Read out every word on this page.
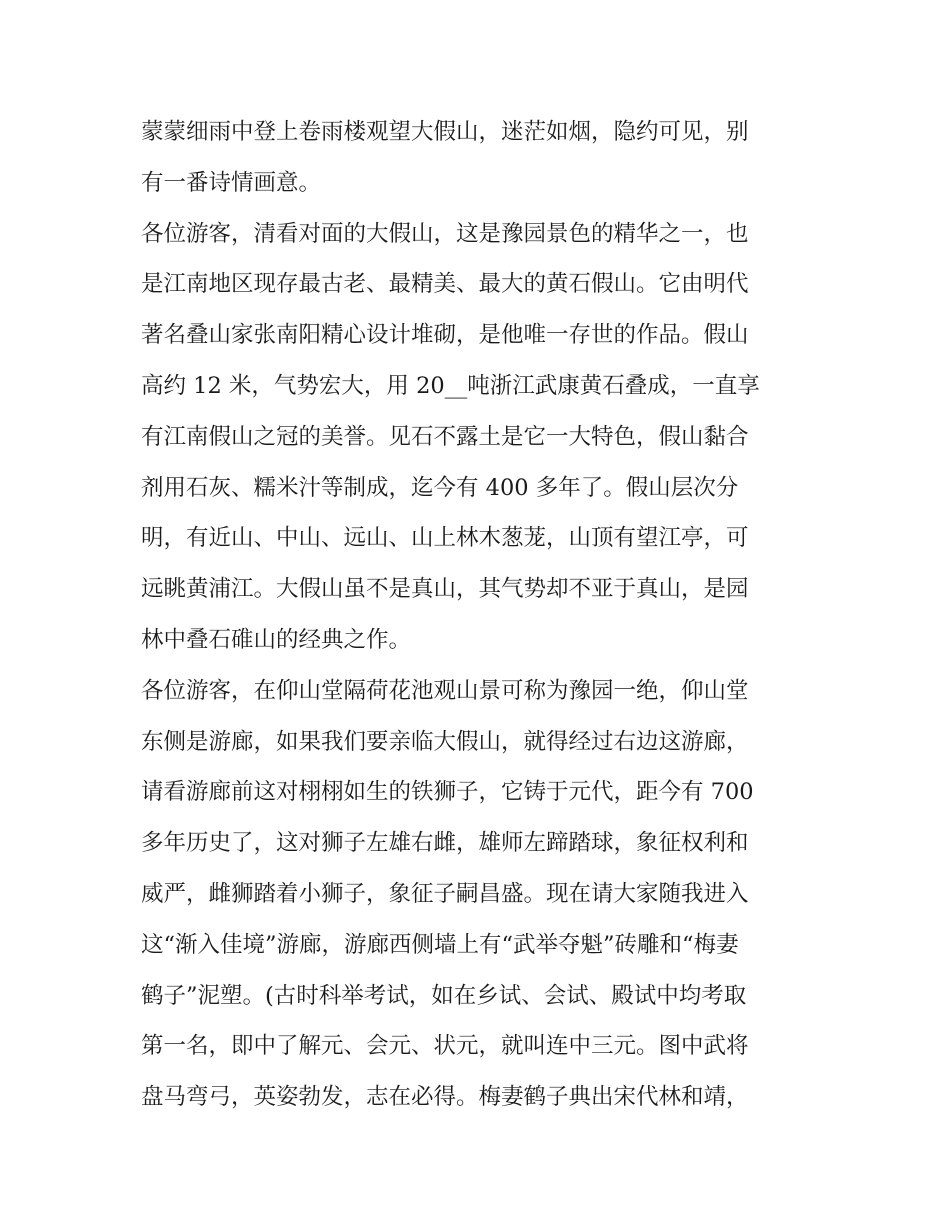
蒙蒙细雨中登上卷雨楼观望大假山，迷茫如烟，隐约可见，别
有一番诗情画意。
各位游客，清看对面的大假山，这是豫园景色的精华之一，也
是江南地区现存最古老、最精美、最大的黄石假山。它由明代
著名叠山家张南阳精心设计堆砌，是他唯一存世的作品。假山
高约 12 米，气势宏大，用 20__吨浙江武康黄石叠成，一直享
有江南假山之冠的美誉。见石不露土是它一大特色，假山黏合
剂用石灰、糯米汁等制成，迄今有 400 多年了。假山层次分
明，有近山、中山、远山、山上林木葱茏，山顶有望江亭，可
远眺黄浦江。大假山虽不是真山，其气势却不亚于真山，是园
林中叠石碓山的经典之作。
各位游客，在仰山堂隔荷花池观山景可称为豫园一绝，仰山堂
东侧是游廊，如果我们要亲临大假山，就得经过右边这游廊，
请看游廊前这对栩栩如生的铁狮子，它铸于元代，距今有 700
多年历史了，这对狮子左雄右雌，雄师左蹄踏球，象征权利和
威严，雌狮踏着小狮子，象征子嗣昌盛。现在请大家随我进入
这“渐入佳境”游廊，游廊西侧墙上有“武举夺魁”砖雕和“梅妻
鹤子”泥塑。(古时科举考试，如在乡试、会试、殿试中均考取
第一名，即中了解元、会元、状元，就叫连中三元。图中武将
盘马弯弓，英姿勃发，志在必得。梅妻鹤子典出宋代林和靖，
